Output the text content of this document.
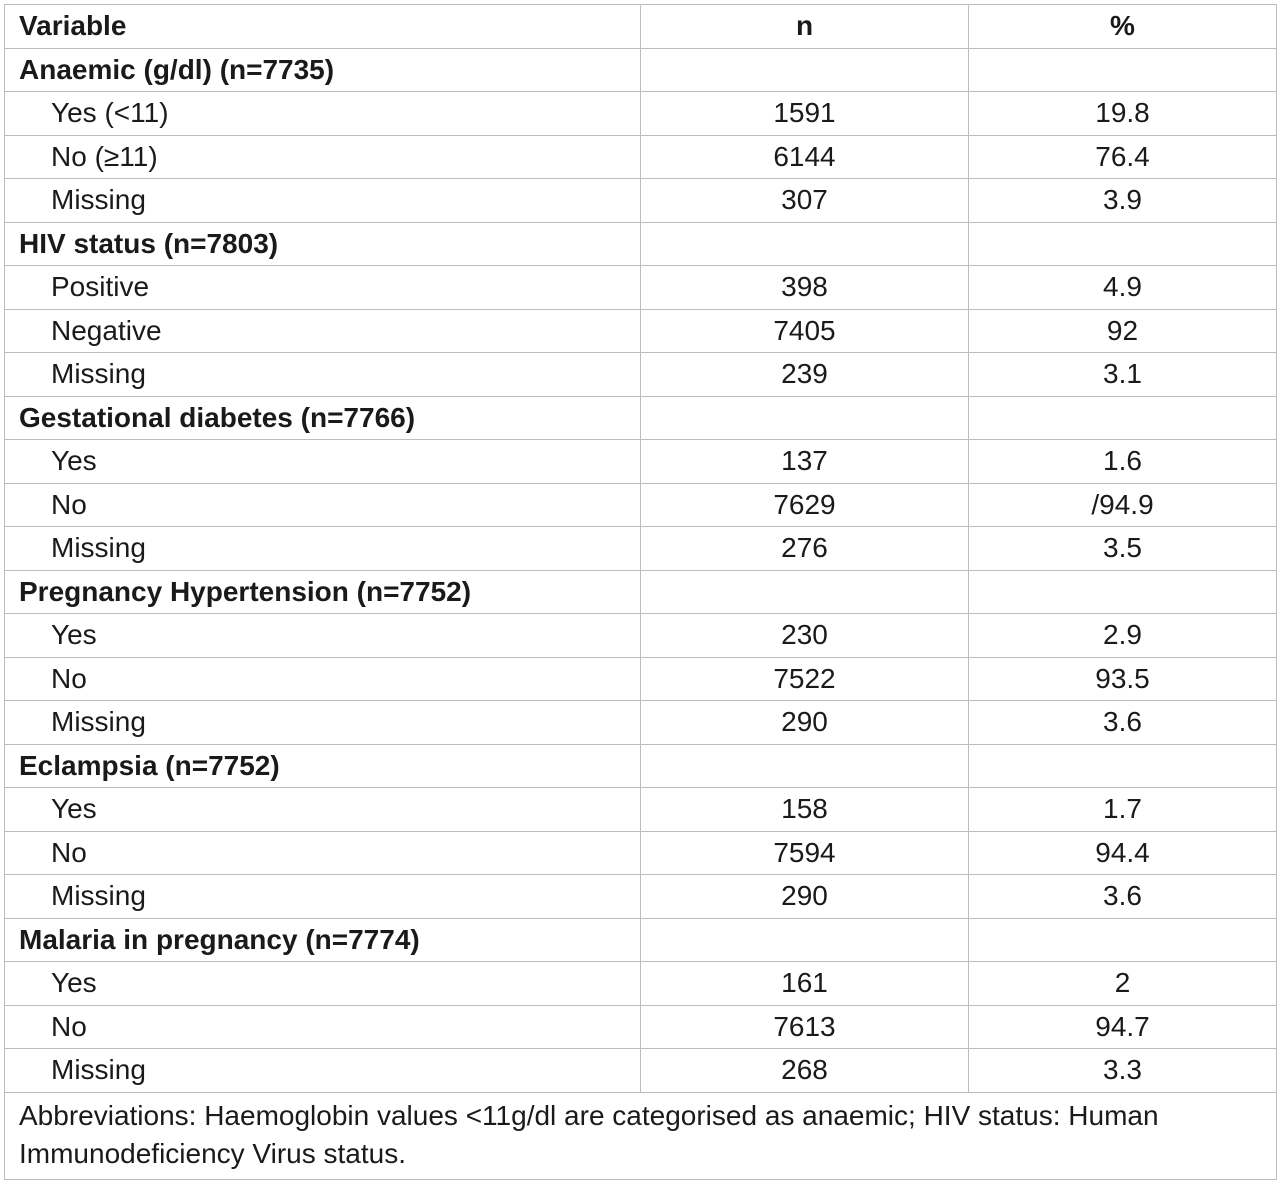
Variable	n	%
Anaemic (g/dl) (n=7735)		
Yes (<11)	1591	19.8
No (≥11)	6144	76.4
Missing	307	3.9
HIV status (n=7803)		
Positive	398	4.9
Negative	7405	92
Missing	239	3.1
Gestational diabetes (n=7766)		
Yes	137	1.6
No	7629	/94.9
Missing	276	3.5
Pregnancy Hypertension (n=7752)		
Yes	230	2.9
No	7522	93.5
Missing	290	3.6
Eclampsia (n=7752)		
Yes	158	1.7
No	7594	94.4
Missing	290	3.6
Malaria in pregnancy (n=7774)		
Yes	161	2
No	7613	94.7
Missing	268	3.3
Abbreviations: Haemoglobin values <11g/dl are categorised as anaemic; HIV status: Human Immunodeficiency Virus status.		
